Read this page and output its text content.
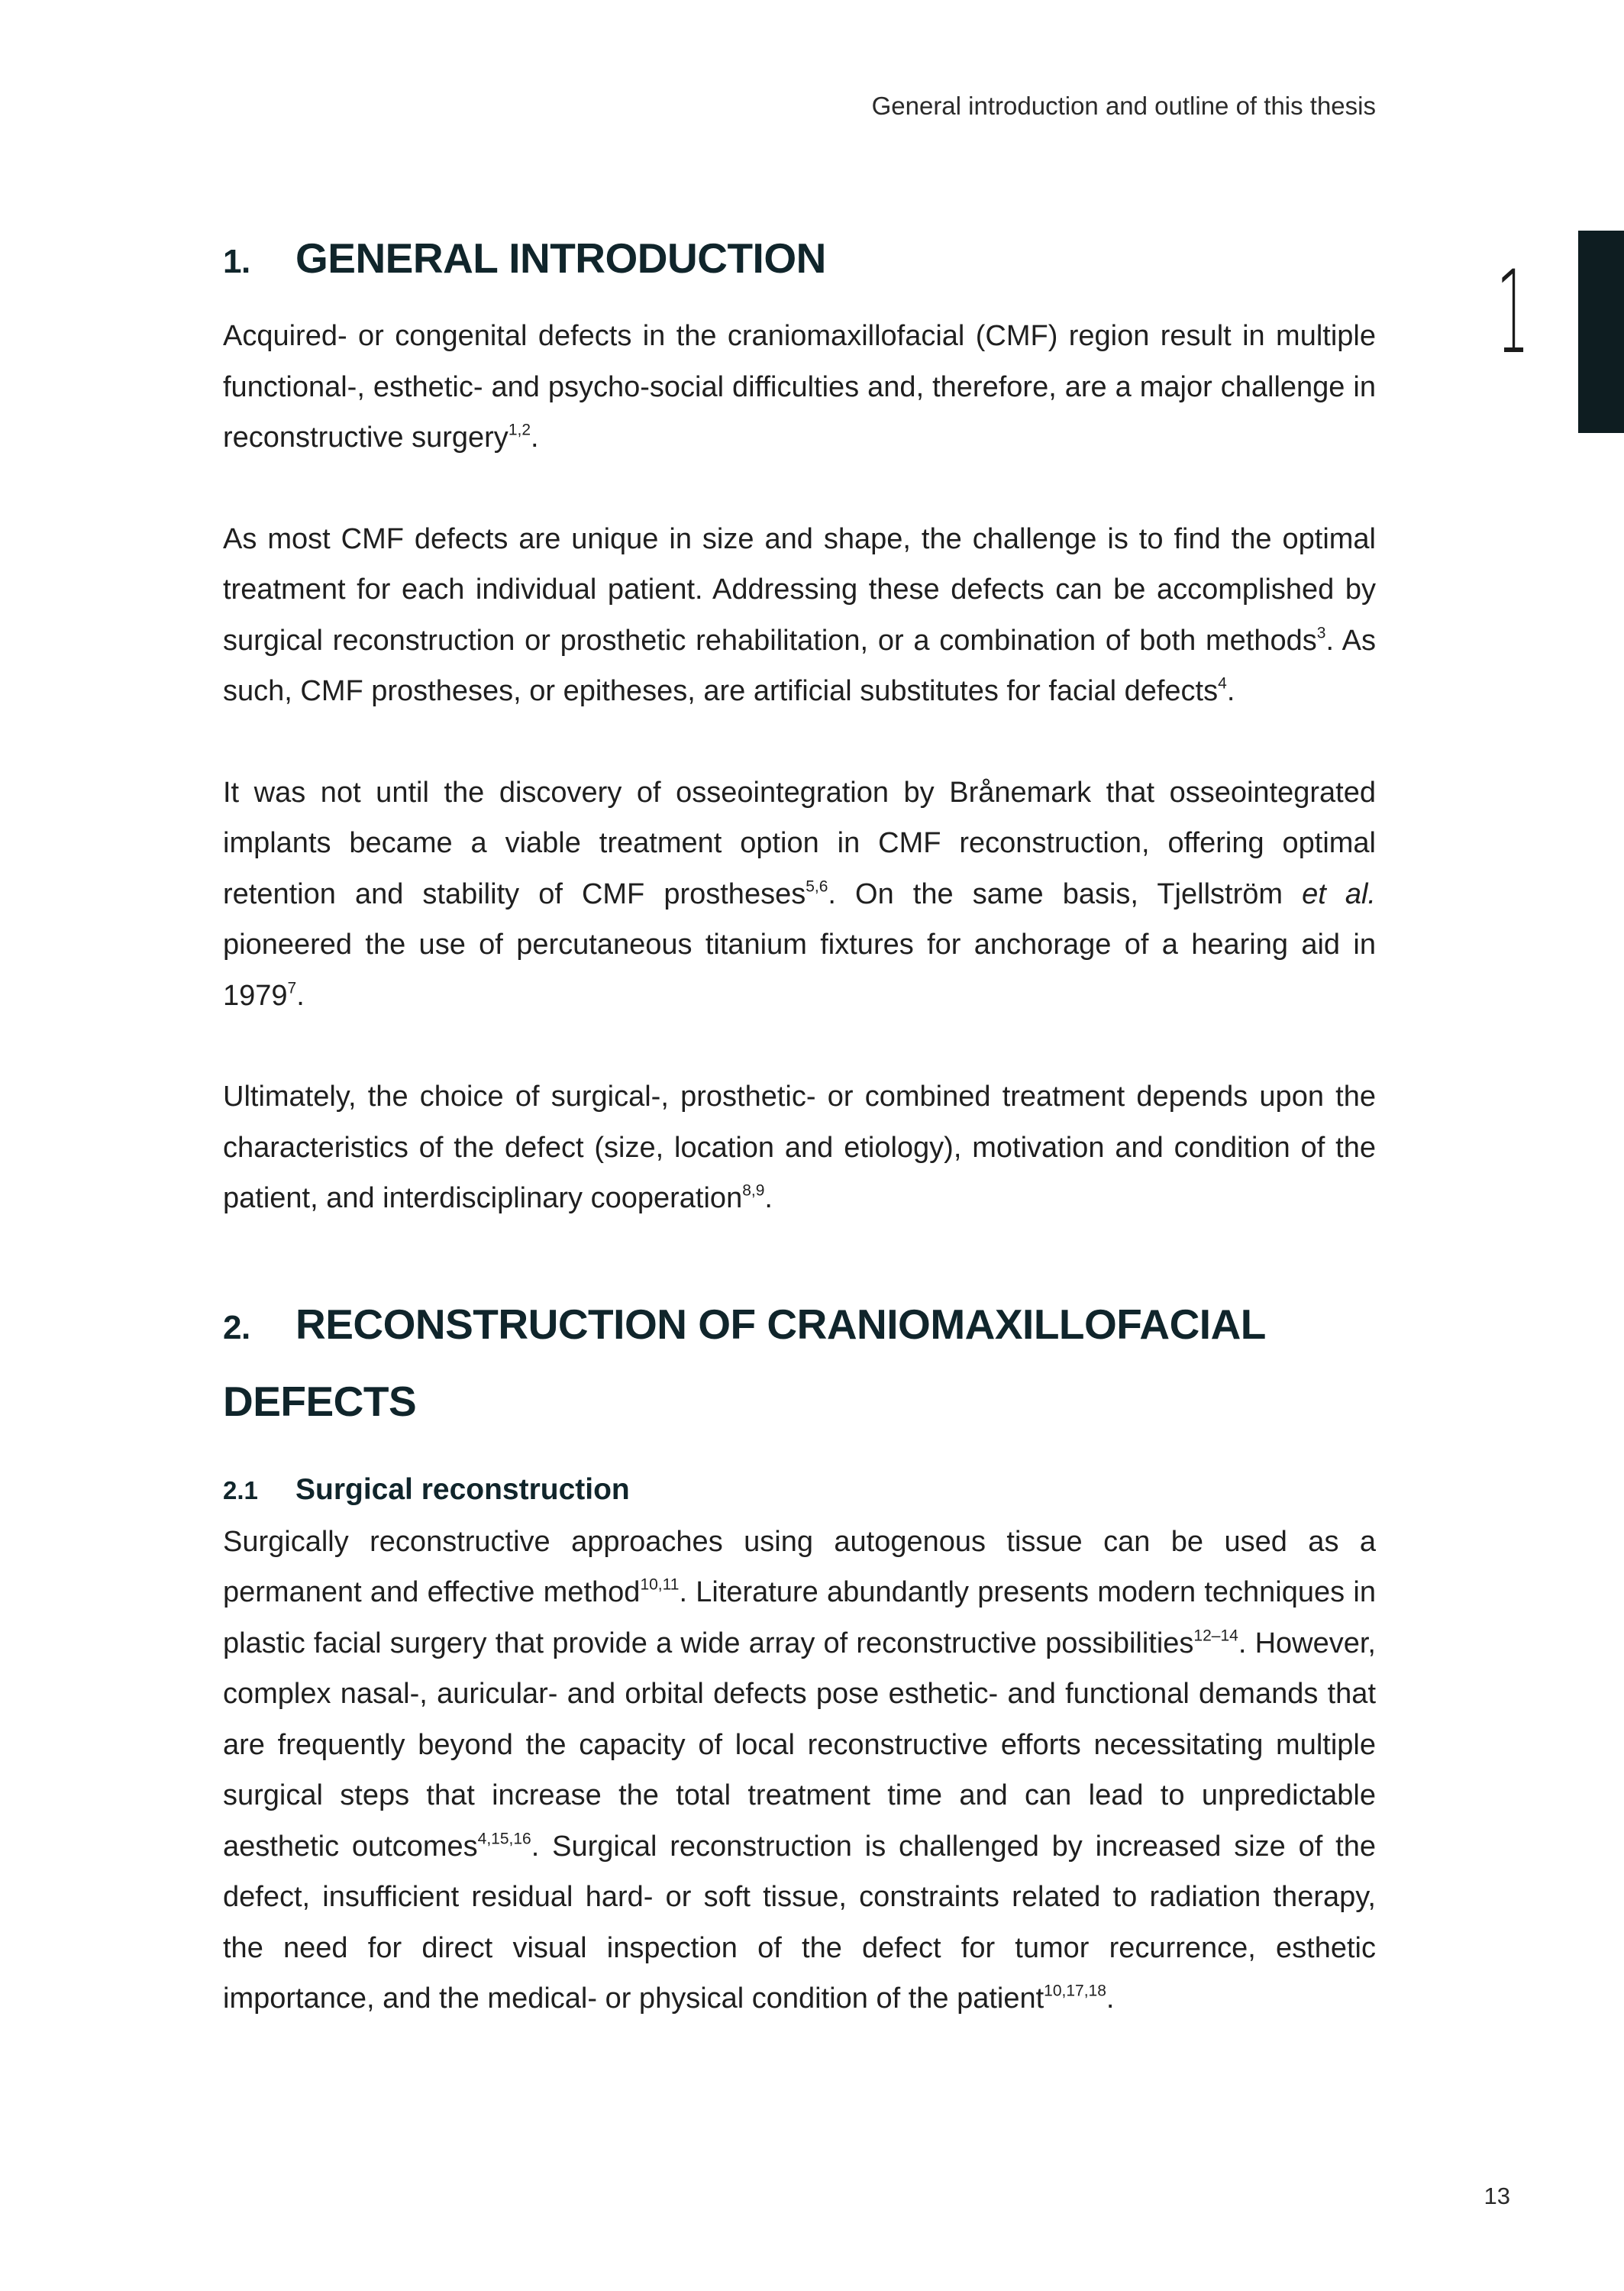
General introduction and outline of this thesis
1
1. GENERAL INTRODUCTION

Acquired- or congenital defects in the craniomaxillofacial (CMF) region result in multiple functional-, esthetic- and psycho-social difficulties and, therefore, are a major challenge in reconstructive surgery$^{1,2}$.

As most CMF defects are unique in size and shape, the challenge is to find the optimal treatment for each individual patient. Addressing these defects can be accomplished by surgical reconstruction or prosthetic rehabilitation, or a combination of both methods$^3$. As such, CMF prostheses, or epitheses, are artificial substitutes for facial defects$^4$.

It was not until the discovery of osseointegration by Brånemark that osseointegrated implants became a viable treatment option in CMF reconstruction, offering optimal retention and stability of CMF prostheses$^{5,6}$. On the same basis, Tjellström et al. pioneered the use of percutaneous titanium fixtures for anchorage of a hearing aid in 1979$^7$.

Ultimately, the choice of surgical-, prosthetic- or combined treatment depends upon the characteristics of the defect (size, location and etiology), motivation and condition of the patient, and interdisciplinary cooperation$^{8,9}$.

2. RECONSTRUCTION OF CRANIOMAXILLOFACIAL DEFECTS
2.1 Surgical reconstruction

Surgically reconstructive approaches using autogenous tissue can be used as a permanent and effective method$^{10,11}$. Literature abundantly presents modern techniques in plastic facial surgery that provide a wide array of reconstructive possibilities$^{12-14}$. However, complex nasal-, auricular- and orbital defects pose esthetic- and functional demands that are frequently beyond the capacity of local reconstructive efforts necessitating multiple surgical steps that increase the total treatment time and can lead to unpredictable aesthetic outcomes$^{4,15,16}$. Surgical reconstruction is challenged by increased size of the defect, insufficient residual hard- or soft tissue, constraints related to radiation therapy, the need for direct visual inspection of the defect for tumor recurrence, esthetic importance, and the medical- or physical condition of the patient$^{10,17,18}$.

13
